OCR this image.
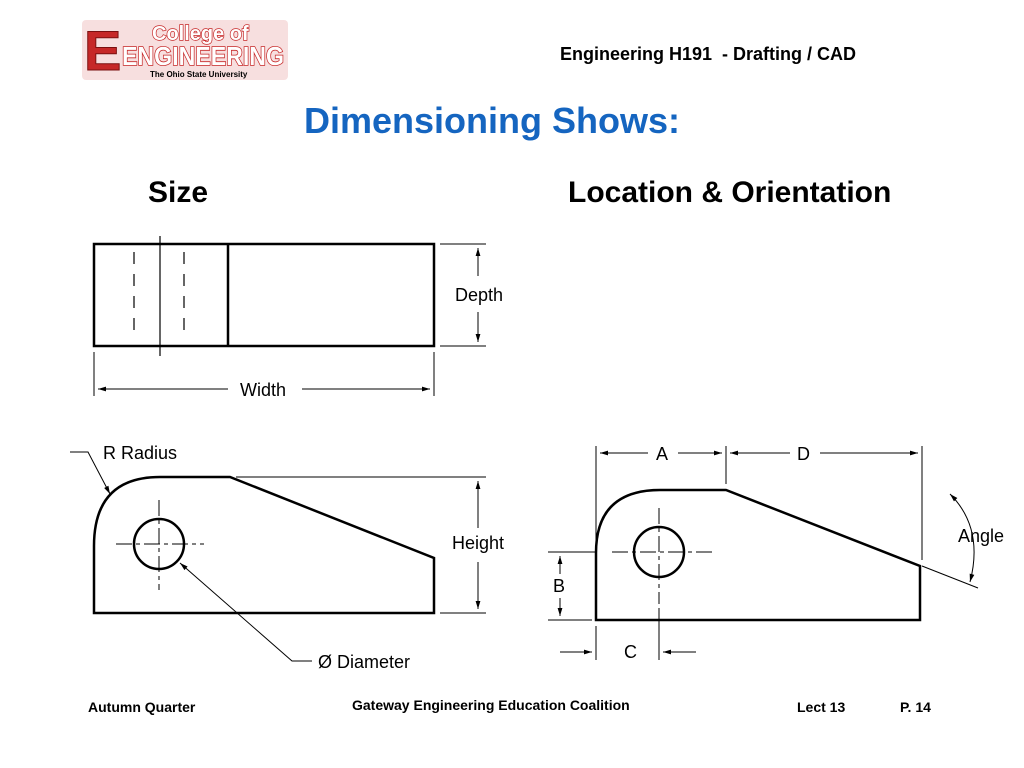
E College of
ENGINEERING
The Ohio State University
Engineering H191  - Drafting / CAD
Dimensioning Shows:
Size	Location & Orientation
Depth
Width
R Radius
Height
Ø Diameter
A	D
Angle
B
C
Autumn Quarter	Gateway Engineering Education Coalition	Lect 13	P. 14
